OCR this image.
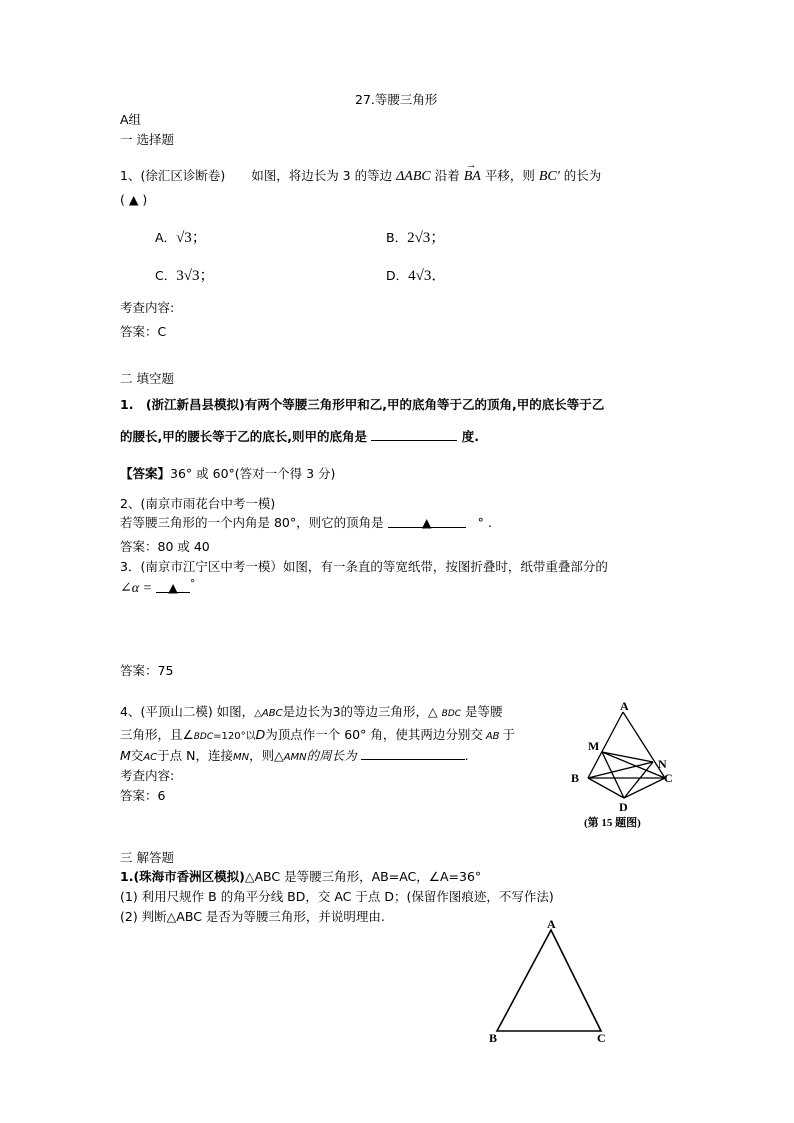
27.等腰三角形
A组
一 选择题
1、(徐汇区诊断卷) 如图，将边长为 3 的等边 ΔABC 沿着
→
BA 平移，则 BC' 的长为
( ▲ )
A．√3；	B．2√3；
C．3√3；	D．4√3．
考查内容:
答案：C
二 填空题
1. (浙江新昌县模拟)有两个等腰三角形甲和乙,甲的底角等于乙的顶角,甲的底长等于乙
的腰长,甲的腰长等于乙的底长,则甲的底角是	度.
【答案】36° 或 60°(答对一个得 3 分)
2、(南京市雨花台中考一模)
若等腰三角形的一个内角是 80°，则它的顶角是	▲	° .
答案：80 或 40
3．(南京市江宁区中考一模）如图，有一条直的等宽纸带，按图折叠时，纸带重叠部分的
∠α = ▲ °
答案：75
4、(平顶山二模) 如图，△ABC是边长为3的等边三角形，△ BDC 是等腰
三角形，且∠BDC=120°以D为顶点作一个 60° 角，使其两边分别交 AB 于
M交AC于点 N，连接MN，则△AMN的周长为	.
考查内容:
答案：6
A
B	C
D
M
N
(第 15 题图)
三 解答题
1.(珠海市香洲区模拟)△ABC 是等腰三角形，AB=AC，∠A=36°
(1) 利用尺规作 B 的角平分线 BD，交 AC 于点 D；(保留作图痕迹，不写作法)
(2) 判断△ABC 是否为等腰三角形，并说明理由.	A
B	C
